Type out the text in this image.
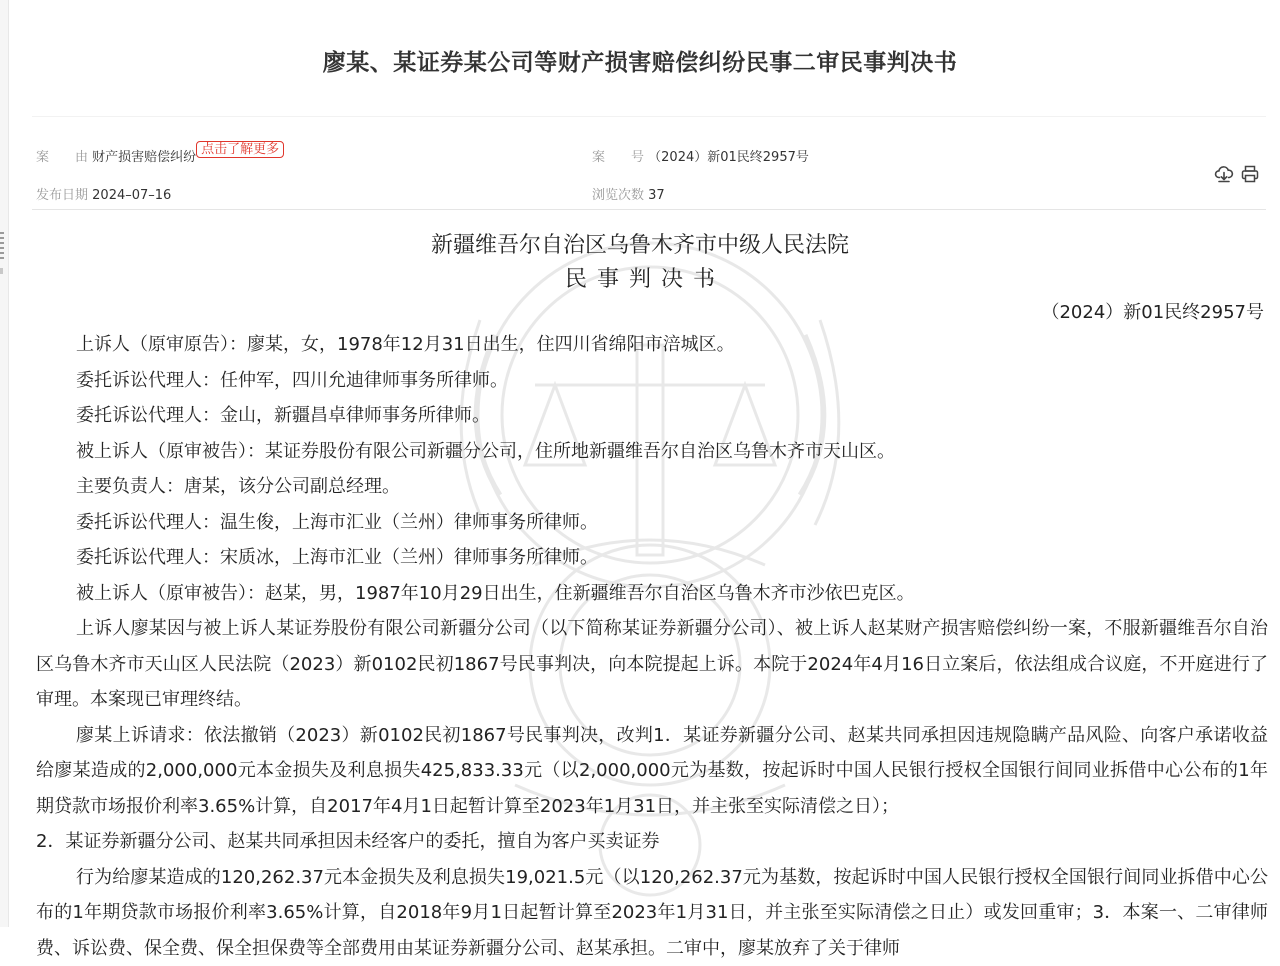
廖某、某证券某公司等财产损害赔偿纠纷民事二审民事判决书
案　　由 财产损害赔偿纠纷
点击了解更多
案　　号 （2024）新01民终2957号
发布日期 2024–07–16	浏览次数 37
新疆维吾尔自治区乌鲁木齐市中级人民法院
民事判决书
（2024）新01民终2957号

上诉人（原审原告）：廖某，女，1978年12月31日出生，住四川省绵阳市涪城区。

委托诉讼代理人：任仲军，四川允迪律师事务所律师。

委托诉讼代理人：金山，新疆昌卓律师事务所律师。

被上诉人（原审被告）：某证券股份有限公司新疆分公司，住所地新疆维吾尔自治区乌鲁木齐市天山区。

主要负责人：唐某，该分公司副总经理。

委托诉讼代理人：温生俊，上海市汇业（兰州）律师事务所律师。

委托诉讼代理人：宋质冰，上海市汇业（兰州）律师事务所律师。

被上诉人（原审被告）：赵某，男，1987年10月29日出生，住新疆维吾尔自治区乌鲁木齐市沙依巴克区。

上诉人廖某因与被上诉人某证券股份有限公司新疆分公司（以下简称某证券新疆分公司）、被上诉人赵某财产损害赔偿纠纷一案，不服新疆维吾尔自治区乌鲁木齐市天山区人民法院（2023）新0102民初1867号民事判决，向本院提起上诉。本院于2024年4月16日立案后，依法组成合议庭，不开庭进行了审理。本案现已审理终结。

廖某上诉请求：依法撤销（2023）新0102民初1867号民事判决，改判1．某证券新疆分公司、赵某共同承担因违规隐瞒产品风险、向客户承诺收益给廖某造成的2,000,000元本金损失及利息损失425,833.33元（以2,000,000元为基数，按起诉时中国人民银行授权全国银行间同业拆借中心公布的1年期贷款市场报价利率3.65%计算，自2017年4月1日起暂计算至2023年1月31日，并主张至实际清偿之日）；

2．某证券新疆分公司、赵某共同承担因未经客户的委托，擅自为客户买卖证券

行为给廖某造成的120,262.37元本金损失及利息损失19,021.5元（以120,262.37元为基数，按起诉时中国人民银行授权全国银行间同业拆借中心公布的1年期贷款市场报价利率3.65%计算，自2018年9月1日起暂计算至2023年1月31日，并主张至实际清偿之日止）或发回重审；3．本案一、二审律师费、诉讼费、保全费、保全担保费等全部费用由某证券新疆分公司、赵某承担。二审中，廖某放弃了关于律师
